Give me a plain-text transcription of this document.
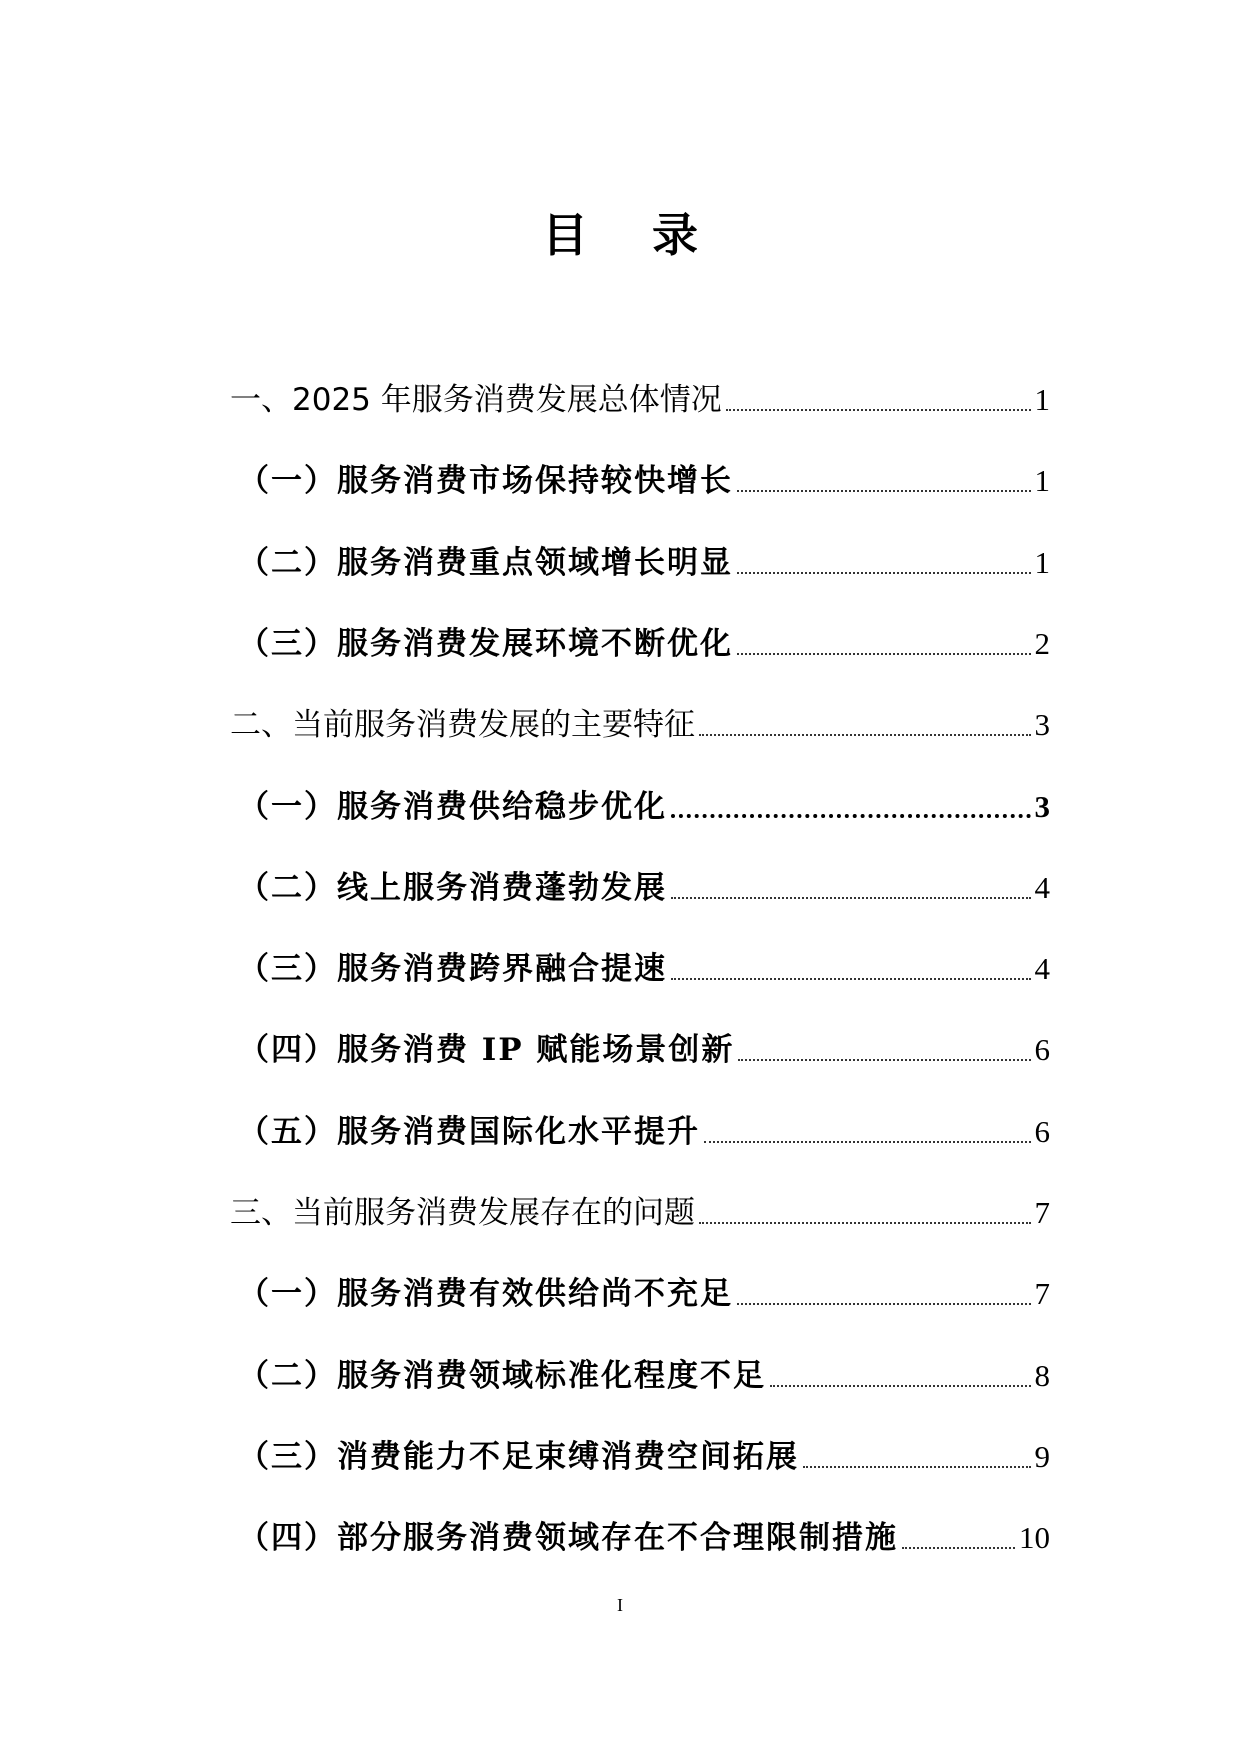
目 录
一、2025 年服务消费发展总体情况	1
（一）服务消费市场保持较快增长	1
（二）服务消费重点领域增长明显	1
（三）服务消费发展环境不断优化	2
二、当前服务消费发展的主要特征	3
（一）服务消费供给稳步优化	3
（二）线上服务消费蓬勃发展	4
（三）服务消费跨界融合提速	4
（四）服务消费 IP 赋能场景创新	6
（五）服务消费国际化水平提升	6
三、当前服务消费发展存在的问题	7
（一）服务消费有效供给尚不充足	7
（二）服务消费领域标准化程度不足	8
（三）消费能力不足束缚消费空间拓展	9
（四）部分服务消费领域存在不合理限制措施	10
I
